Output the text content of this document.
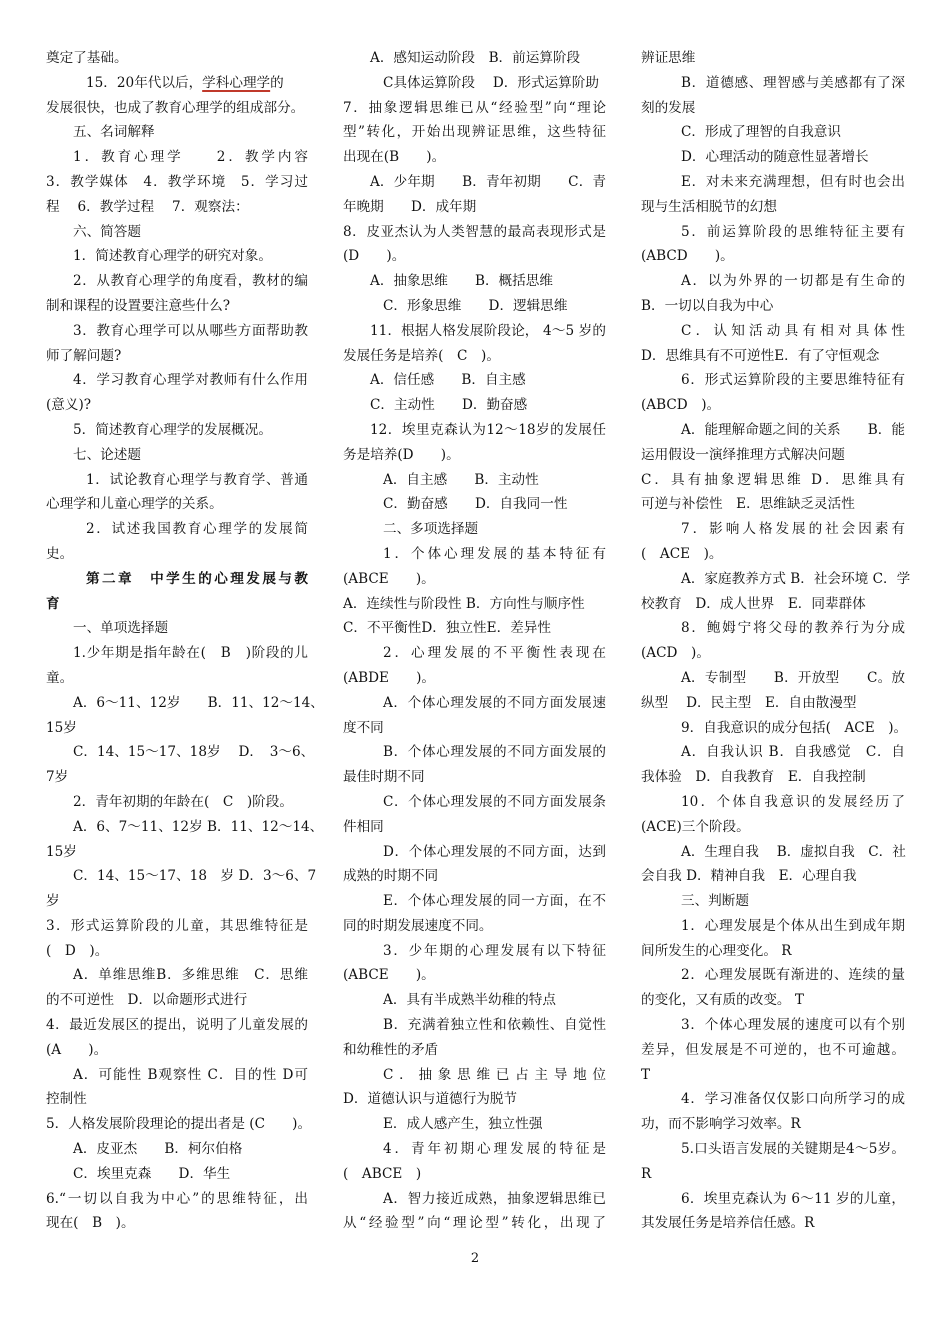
奠定了基础。
15．20年代以后，学科心理学的
发展很快，也成了教育心理学的组成部分。
五、名词解释
1．教育心理学　　2．教学内容
3．教学媒体　4．教学环境　5．学习过
程　 6．教学过程　 7．观察法：
六、简答题
1．简述教育心理学的研究对象。
2．从教育心理学的角度看，教材的编
制和课程的设置要注意些什么?
3．教育心理学可以从哪些方面帮助教
师了解问题?
4．学习教育心理学对教师有什么作用
(意义)?
5．简述教育心理学的发展概况。
七、论述题
1．试论教育心理学与教育学、普通
心理学和儿童心理学的关系。
2．试述我国教育心理学的发展简
史。
第二章　中学生的心理发展与教
育
一、单项选择题
1.少年期是指年龄在(　B　)阶段的儿
童。
A．6～11、12岁　　B．11、12～14、
15岁
C．14、15～17、18岁　 D．　3～6、
7岁
2．青年初期的年龄在(　C　)阶段。
A．6、7～11、12岁 B．11、12～14、
15岁
C．14、15～17、18　岁 D．3～6、7
岁
3．形式运算阶段的儿童，其思维特征是
(　D　)。
A．单维思维B．多维思维　C．思维
的不可逆性　D．以命题形式进行
4．最近发展区的提出，说明了儿童发展的
(A　　)。
A．可能性 B观察性 C．目的性 D可
控制性
5．人格发展阶段理论的提出者是 (C　　)。
A．皮亚杰　　B．柯尔伯格
C．埃里克森　　D．华生
6.“一切以自我为中心”的思维特征，出
现在(　B　)。
A．感知运动阶段　B．前运算阶段
C具体运算阶段　 D．形式运算阶助
7．抽象逻辑思维已从“经验型”向“理论
型”转化，开始出现辨证思维，这些特征
出现在(B　　)。
A．少年期　　B．青年初期　　C．青
年晚期　　D．成年期
8．皮亚杰认为人类智慧的最高表现形式是
(D　　)。
A．抽象思维　　B．概括思维
C．形象思维　　D．逻辑思维
11．根据人格发展阶段论， 4～5 岁的
发展任务是培养(　C　)。
A．信任感　　B．自主感
C．主动性　　D．勤奋感
12．埃里克森认为12～18岁的发展任
务是培养(D　　)。
A．自主感　　B．主动性
C．勤奋感　　D．自我同一性
二、多项选择题
1．个体心理发展的基本特征有
(ABCE　　)。
A．连续性与阶段性 B．方向性与顺序性
C．不平衡性D．独立性E．差异性
2．心理发展的不平衡性表现在
(ABDE　　)。
A．个体心理发展的不同方面发展速
度不同
B．个体心理发展的不同方面发展的
最佳时期不同
C．个体心理发展的不同方面发展条
件相同
D．个体心理发展的不同方面，达到
成熟的时期不同
E．个体心理发展的同一方面，在不
同的时期发展速度不同。
3．少年期的心理发展有以下特征
(ABCE　　)。
A．具有半成熟半幼稚的特点
B．充满着独立性和依赖性、自觉性
和幼稚性的矛盾
C．抽象思维已占主导地位
D．道德认识与道德行为脱节
E．成人感产生，独立性强
4．青年初期心理发展的特征是
(　ABCE　)
A．智力接近成熟，抽象逻辑思维已
从“经验型”向“理论型”转化，出现了
辨证思维
B．道德感、理智感与美感都有了深
刻的发展
C．形成了理智的自我意识
D．心理活动的随意性显著增长
E．对未来充满理想，但有时也会出
现与生活相脱节的幻想
5．前运算阶段的思维特征主要有
(ABCD　　)。
A．以为外界的一切都是有生命的
B．一切以自我为中心
C．认知活动具有相对具体性
D．思维具有不可逆性E．有了守恒观念
6．形式运算阶段的主要思维特征有
(ABCD　)。
A．能理解命题之间的关系　　B．能
运用假设一演绎推理方式解决问题
C．具有抽象逻辑思维 D．思维具有
可逆与补偿性　E．思维缺乏灵活性
7．影响人格发展的社会因素有
(　ACE　)。
A．家庭教养方式 B．社会环境 C．学
校教育　D．成人世界　E．同辈群体
8．鲍姆宁将父母的教养行为分成
(ACD　)。
A．专制型　　B．开放型　　C。放
纵型　 D．民主型　E．自由散漫型
9．自我意识的成分包括(　ACE　)。
A．自我认识 B．自我感觉　C．自
我体验　D．自我教育　E．自我控制
10．个体自我意识的发展经历了
(ACE)三个阶段。
A．生理自我　 B．虚拟自我　C．社
会自我 D．精神自我　E．心理自我
三、判断题
1．心理发展是个体从出生到成年期
间所发生的心理变化。 R
2．心理发展既有渐进的、连续的量
的变化，又有质的改变。 T
3．个体心理发展的速度可以有个别
差异，但发展是不可逆的，也不可逾越。
T
4．学习准备仅仅影口向所学习的成
功，而不影响学习效率。R
5.口头语言发展的关键期是4～5岁。
R
6．埃里克森认为 6～11 岁的儿童，
其发展任务是培养信任感。R
2
